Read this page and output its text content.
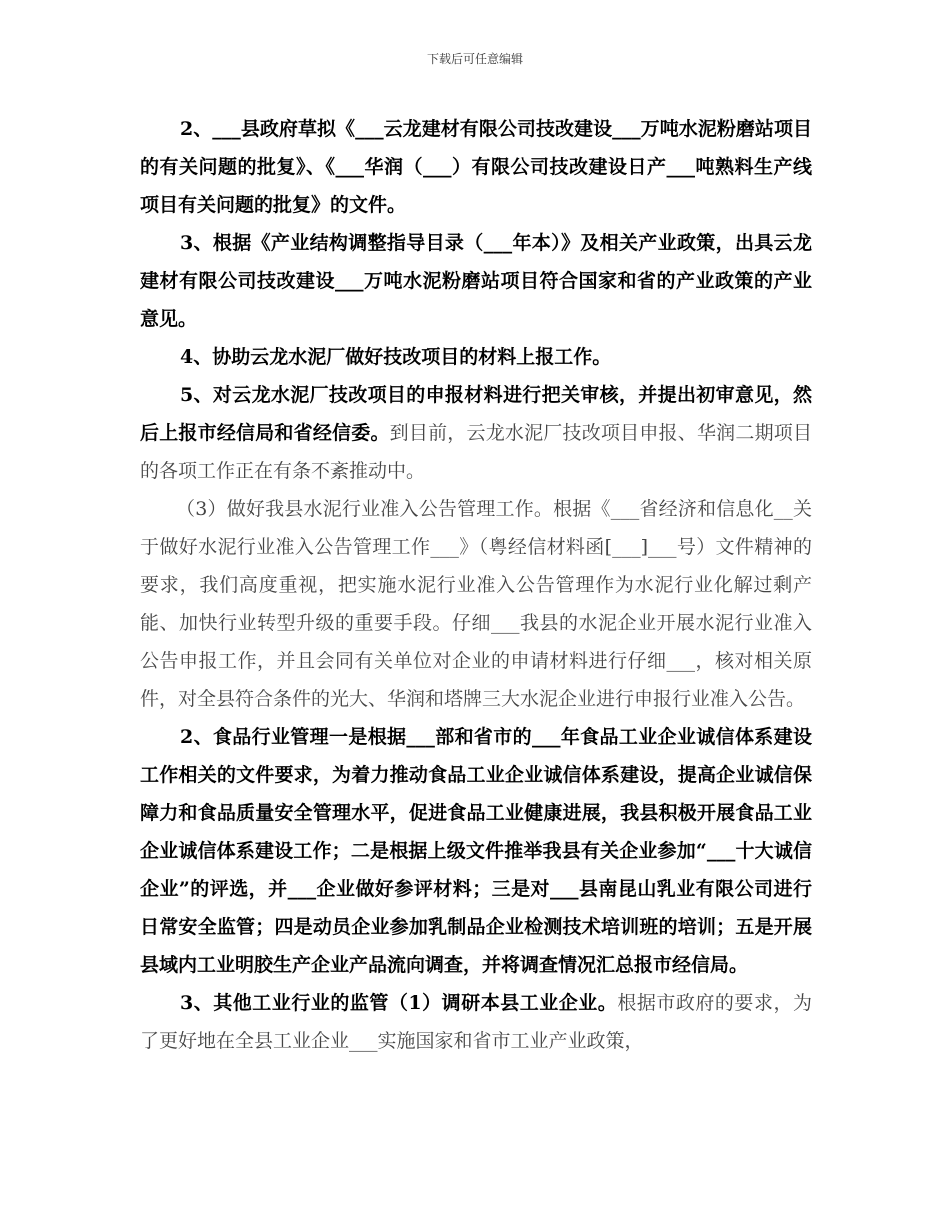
下载后可任意编辑

2、___县政府草拟《___云龙建材有限公司技改建设___万吨水泥粉磨站项目的有关问题的批复》、《___华润（___）有限公司技改建设日产___吨熟料生产线项目有关问题的批复》的文件。

3、根据《产业结构调整指导目录（___年本）》及相关产业政策，出具云龙建材有限公司技改建设___万吨水泥粉磨站项目符合国家和省的产业政策的产业意见。

4、协助云龙水泥厂做好技改项目的材料上报工作。

5、对云龙水泥厂技改项目的申报材料进行把关审核，并提出初审意见，然后上报市经信局和省经信委。到目前，云龙水泥厂技改项目申报、华润二期项目的各项工作正在有条不紊推动中。

（3）做好我县水泥行业准入公告管理工作。根据《___省经济和信息化__关于做好水泥行业准入公告管理工作___》（粤经信材料函[___]___号）文件精神的要求，我们高度重视，把实施水泥行业准入公告管理作为水泥行业化解过剩产能、加快行业转型升级的重要手段。仔细___我县的水泥企业开展水泥行业准入公告申报工作，并且会同有关单位对企业的申请材料进行仔细___，核对相关原件，对全县符合条件的光大、华润和塔牌三大水泥企业进行申报行业准入公告。

2、食品行业管理一是根据___部和省市的___年食品工业企业诚信体系建设工作相关的文件要求，为着力推动食品工业企业诚信体系建设，提高企业诚信保障力和食品质量安全管理水平，促进食品工业健康进展，我县积极开展食品工业企业诚信体系建设工作；二是根据上级文件推举我县有关企业参加“___十大诚信企业”的评选，并___企业做好参评材料；三是对___县南昆山乳业有限公司进行日常安全监管；四是动员企业参加乳制品企业检测技术培训班的培训；五是开展县域内工业明胶生产企业产品流向调查，并将调查情况汇总报市经信局。

3、其他工业行业的监管（1）调研本县工业企业。根据市政府的要求，为了更好地在全县工业企业___实施国家和省市工业产业政策，
